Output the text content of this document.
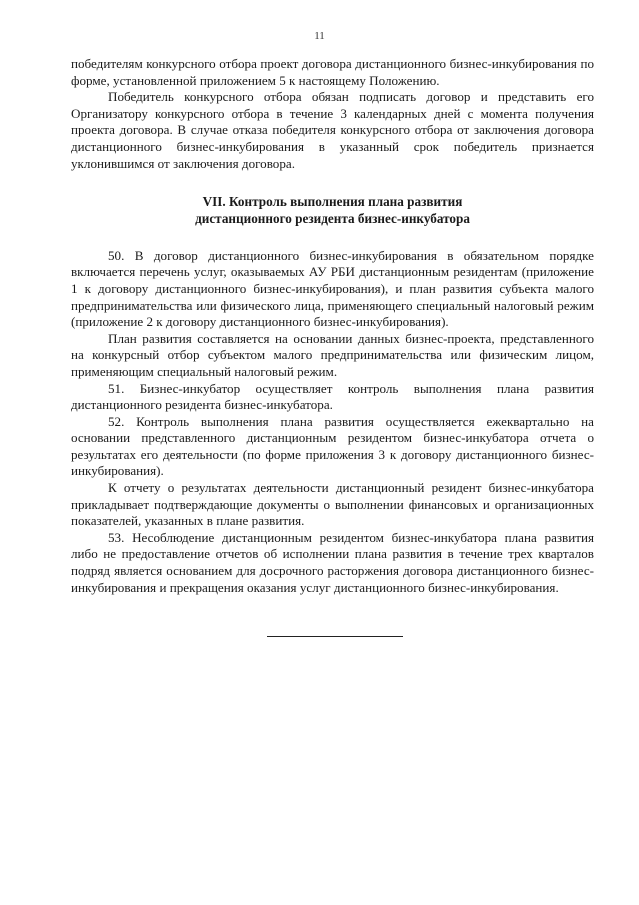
11

победителям конкурсного отбора проект договора дистанционного бизнес-инкубирования по форме, установленной приложением 5 к настоящему Положению.

Победитель конкурсного отбора обязан подписать договор и представить его Организатору конкурсного отбора в течение 3 календарных дней с момента получения проекта договора. В случае отказа победителя конкурсного отбора от заключения договора дистанционного бизнес-инкубирования в указанный срок победитель признается уклонившимся от заключения договора.

VII. Контроль выполнения плана развития
дистанционного резидента бизнес-инкубатора

50. В договор дистанционного бизнес-инкубирования в обязательном порядке включается перечень услуг, оказываемых АУ РБИ дистанционным резидентам (приложение 1 к договору дистанционного бизнес-инкубирования), и план развития субъекта малого предпринимательства или физического лица, применяющего специальный налоговый режим (приложение 2 к договору дистанционного бизнес-инкубирования).

План развития составляется на основании данных бизнес-проекта, представленного на конкурсный отбор субъектом малого предпринимательства или физическим лицом, применяющим специальный налоговый режим.

51. Бизнес-инкубатор осуществляет контроль выполнения плана развития дистанционного резидента бизнес-инкубатора.

52. Контроль выполнения плана развития осуществляется ежеквартально на основании представленного дистанционным резидентом бизнес-инкубатора отчета о результатах его деятельности (по форме приложения 3 к договору дистанционного бизнес-инкубирования).

К отчету о результатах деятельности дистанционный резидент бизнес-инкубатора прикладывает подтверждающие документы о выполнении финансовых и организационных показателей, указанных в плане развития.

53. Несоблюдение дистанционным резидентом бизнес-инкубатора плана развития либо не предоставление отчетов об исполнении плана развития в течение трех кварталов подряд является основанием для досрочного расторжения договора дистанционного бизнес-инкубирования и прекращения оказания услуг дистанционного бизнес-инкубирования.
